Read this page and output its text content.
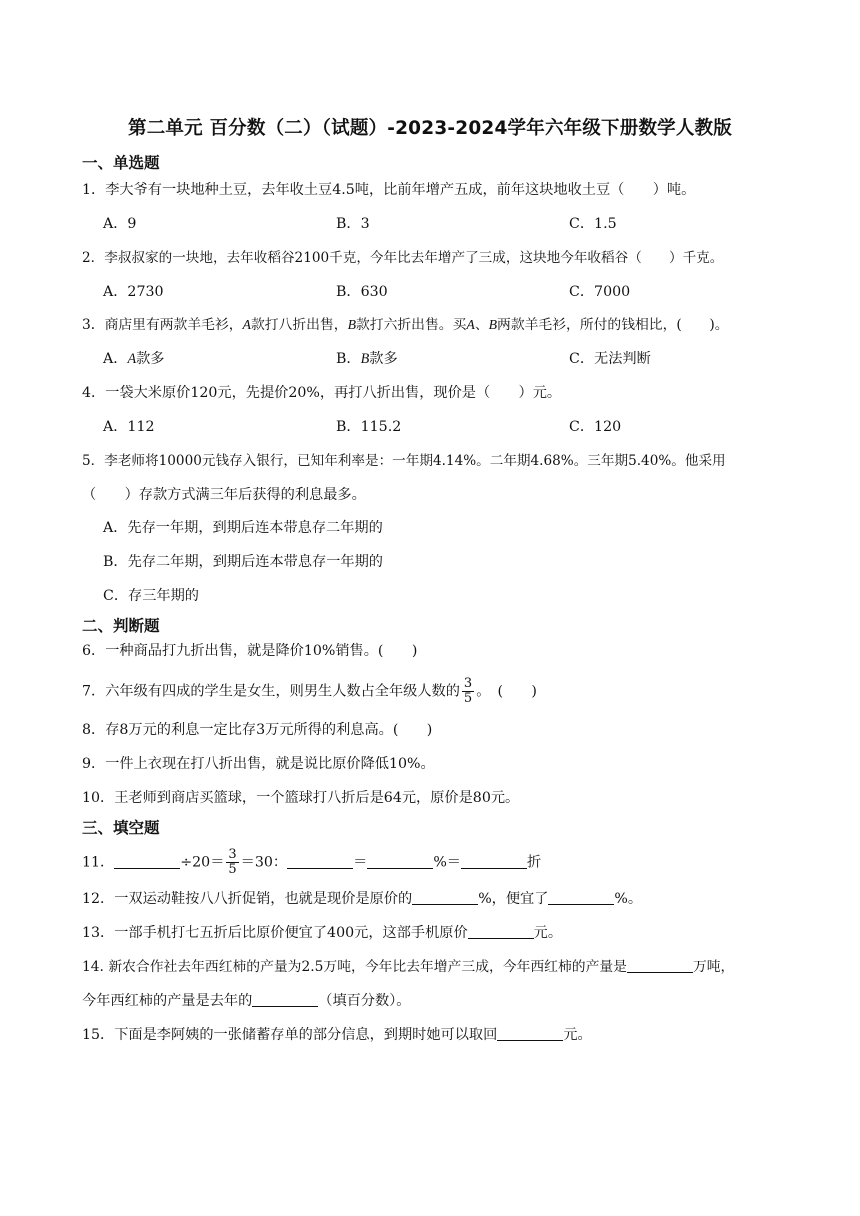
第二单元 百分数（二）（试题）-2023-2024学年六年级下册数学人教版
一、单选题
1．李大爷有一块地种土豆，去年收土豆4.5吨，比前年增产五成，前年这块地收土豆（　　）吨。
A．9	B．3	C．1.5
2．李叔叔家的一块地，去年收稻谷2100千克，今年比去年增产了三成，这块地今年收稻谷（　　）千克。
A．2730	B．630	C．7000
3．商店里有两款羊毛衫，A款打八折出售，B款打六折出售。买A、B两款羊毛衫，所付的钱相比，(　　)。
A．A款多	B．B款多	C．无法判断
4．一袋大米原价120元，先提价20%，再打八折出售，现价是（　　）元。
A．112	B．115.2	C．120
5．李老师将10000元钱存入银行，已知年利率是：一年期4.14%。二年期4.68%。三年期5.40%。他采用
（　　）存款方式满三年后获得的利息最多。
A．先存一年期，到期后连本带息存二年期的
B．先存二年期，到期后连本带息存一年期的
C．存三年期的
二、判断题
6．一种商品打九折出售，就是降价10%销售。(　　)
7．六年级有四成的学生是女生，则男生人数占全年级人数的 $\frac{3}{5}$ 。　(　　)
8．存8万元的利息一定比存3万元所得的利息高。(　　)
9．一件上衣现在打八折出售，就是说比原价降低10%。
10．王老师到商店买篮球，一个篮球打八折后是64元，原价是80元。
三、填空题
11．	$\div 20= \frac{3}{5} =30$：	＝	%＝	折
12．一双运动鞋按八八折促销，也就是现价是原价的	%，便宜了	%。
13．一部手机打七五折后比原价便宜了400元，这部手机原价	元。
14. 新农合作社去年西红柿的产量为2.5万吨，今年比去年增产三成，今年西红柿的产量是	万吨，
今年西红柿的产量是去年的	（填百分数）。
15．下面是李阿姨的一张储蓄存单的部分信息，到期时她可以取回	元。
